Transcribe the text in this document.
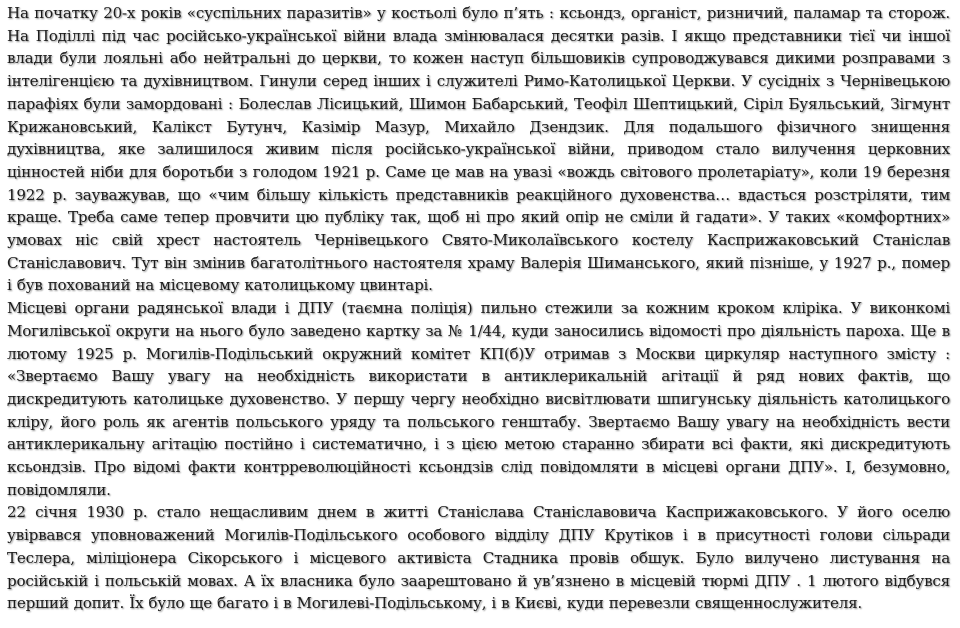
На початку 20-х років «суспільних паразитів» у костьолі було п’ять : ксьондз, органіст, ризничий, паламар та сторож. На Поділлі під час російсько-української війни влада змінювалася десятки разів. І якщо представники тієї чи іншої влади були лояльні або нейтральні до церкви, то кожен наступ більшовиків супроводжувався дикими розправами з інтелігенцією та духівництвом. Гинули серед інших і служителі Римо-Католицької Церкви. У сусідніх з Чернівецькою парафіях були замордовані : Болеслав Лісицький, Шимон Бабарський, Теофіл Шептицький, Сіріл Буяльський, Зігмунт Крижановський, Калікст Бутунч, Казімір Мазур, Михайло Дзендзик. Для подальшого фізичного знищення духівництва, яке залишилося живим після російсько-української війни, приводом стало вилучення церковних цінностей ніби для боротьби з голодом 1921 р. Саме це мав на увазі «вождь світового пролетаріату», коли 19 березня 1922 р. зауважував, що «чим більшу кількість представників реакційного духовенства… вдасться розстріляти, тим краще. Треба саме тепер провчити цю публіку так, щоб ні про який опір не сміли й гадати». У таких «комфортних» умовах ніс свій хрест настоятель Чернівецького Свято-Миколаївського костелу Касприжаковський Станіслав Станіславович. Тут він змінив багатолітнього настоятеля храму Валерія Шиманського, який пізніше, у 1927 р., помер і був похований на місцевому католицькому цвинтарі.

Місцеві органи радянської влади і ДПУ (таємна поліція) пильно стежили за кожним кроком кліріка. У виконкомі Могилівської округи на нього було заведено картку за № 1/44, куди заносились відомості про діяльність пароха. Ще в лютому 1925 р. Могилів-Подільський окружний комітет КП(б)У отримав з Москви циркуляр наступного змісту : «Звертаємо Вашу увагу на необхідність використати в антиклерикальній агітації й ряд нових фактів, що дискредитують католицьке духовенство. У першу чергу необхідно висвітлювати шпигунську діяльність католицького кліру, його роль як агентів польського уряду та польського генштабу. Звертаємо Вашу увагу на необхідність вести антиклерикальну агітацію постійно і систематично, і з цією метою старанно збирати всі факти, які дискредитують ксьондзів. Про відомі факти контрреволюційності ксьондзів слід повідомляти в місцеві органи ДПУ». І, безумовно, повідомляли.

22 січня 1930 р. стало нещасливим днем в житті Станіслава Станіславовича Касприжаковського. У його оселю увірвався уповноважений Могилів-Подільського особового відділу ДПУ Крутіков і в присутності голови сільради Теслера, міліціонера Сікорського і місцевого активіста Стадника провів обшук. Було вилучено листування на російській і польській мовах. А їх власника було заарештовано й ув’язнено в місцевій тюрмі ДПУ . 1 лютого відбувся перший допит. Їх було ще багато і в Могилеві-Подільському, і в Києві, куди перевезли священнослужителя.
